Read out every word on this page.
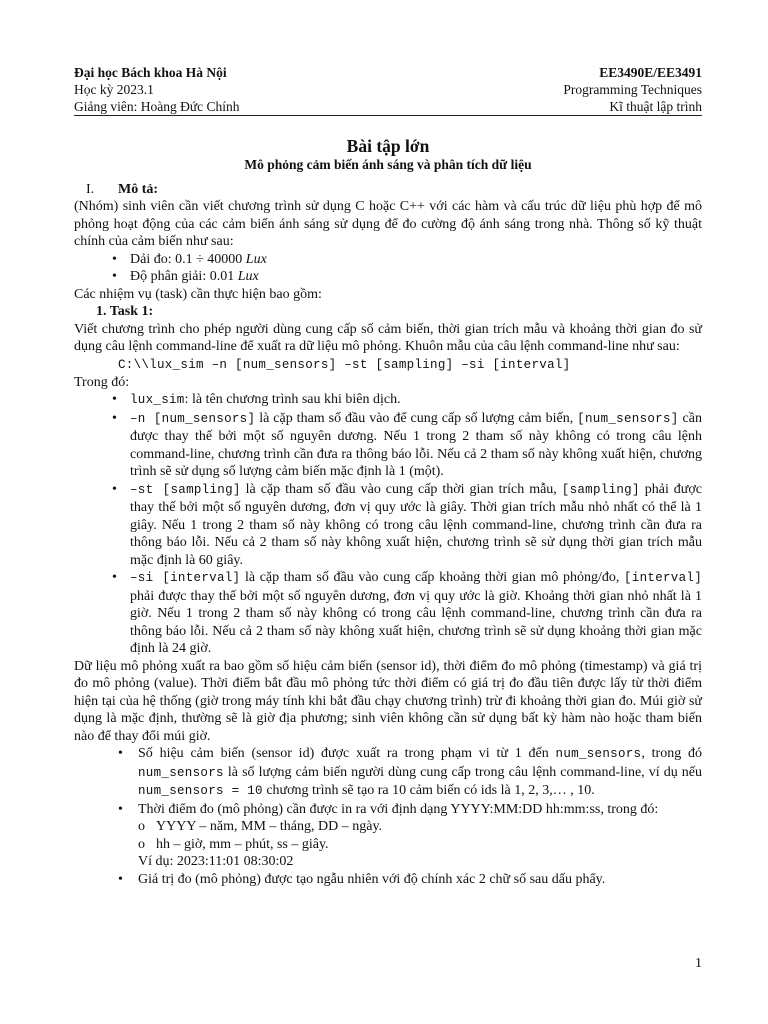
Đại học Bách khoa Hà Nội	EE3490E/EE3491
Học kỳ 2023.1	Programming Techniques
Giảng viên: Hoàng Đức Chính	Kĩ thuật lập trình
Bài tập lớn
Mô phỏng cảm biến ánh sáng và phân tích dữ liệu
I.	Mô tả:

(Nhóm) sinh viên cần viết chương trình sử dụng C hoặc C++ với các hàm và cấu trúc dữ liệu phù hợp để mô phỏng hoạt động của các cảm biến ánh sáng sử dụng để đo cường độ ánh sáng trong nhà. Thông số kỹ thuật chính của cảm biến như sau:

• Dải đo: 0.1 ÷ 40000 Lux
• Độ phân giải: 0.01 Lux

Các nhiệm vụ (task) cần thực hiện bao gồm:

1. Task 1:

Viết chương trình cho phép người dùng cung cấp số cảm biến, thời gian trích mẫu và khoảng thời gian đo sử dụng câu lệnh command-line để xuất ra dữ liệu mô phỏng. Khuôn mẫu của câu lệnh command-line như sau:

C:\\lux_sim –n [num_sensors] –st [sampling] –si [interval]

Trong đó:

• lux_sim: là tên chương trình sau khi biên dịch.
• –n [num_sensors] là cặp tham số đầu vào để cung cấp số lượng cảm biến, [num_sensors] cần được thay thế bởi một số nguyên dương. Nếu 1 trong 2 tham số này không có trong câu lệnh command-line, chương trình cần đưa ra thông báo lỗi. Nếu cả 2 tham số này không xuất hiện, chương trình sẽ sử dụng số lượng cảm biến mặc định là 1 (một).
• –st [sampling] là cặp tham số đầu vào cung cấp thời gian trích mẫu, [sampling] phải được thay thế bởi một số nguyên dương, đơn vị quy ước là giây. Thời gian trích mẫu nhỏ nhất có thể là 1 giây. Nếu 1 trong 2 tham số này không có trong câu lệnh command-line, chương trình cần đưa ra thông báo lỗi. Nếu cả 2 tham số này không xuất hiện, chương trình sẽ sử dụng thời gian trích mẫu mặc định là 60 giây.
• –si [interval] là cặp tham số đầu vào cung cấp khoảng thời gian mô phỏng/đo, [interval] phải được thay thế bởi một số nguyên dương, đơn vị quy ước là giờ. Khoảng thời gian nhỏ nhất là 1 giờ. Nếu 1 trong 2 tham số này không có trong câu lệnh command-line, chương trình cần đưa ra thông báo lỗi. Nếu cả 2 tham số này không xuất hiện, chương trình sẽ sử dụng khoảng thời gian mặc định là 24 giờ.

Dữ liệu mô phỏng xuất ra bao gồm số hiệu cảm biến (sensor id), thời điểm đo mô phỏng (timestamp) và giá trị đo mô phỏng (value). Thời điểm bắt đầu mô phỏng tức thời điểm có giá trị đo đầu tiên được lấy từ thời điểm hiện tại của hệ thống (giờ trong máy tính khi bắt đầu chạy chương trình) trừ đi khoảng thời gian đo. Múi giờ sử dụng là mặc định, thường sẽ là giờ địa phương; sinh viên không cần sử dụng bất kỳ hàm nào hoặc tham biến nào để thay đổi múi giờ.

• Số hiệu cảm biến (sensor id) được xuất ra trong phạm vi từ 1 đến num_sensors, trong đó num_sensors là số lượng cảm biến người dùng cung cấp trong câu lệnh command-line, ví dụ nếu num_sensors = 10 chương trình sẽ tạo ra 10 cảm biến có ids là 1, 2, 3,… , 10.
• Thời điểm đo (mô phỏng) cần được in ra với định dạng YYYY:MM:DD hh:mm:ss, trong đó:
o YYYY – năm, MM – tháng, DD – ngày.
o hh – giờ, mm – phút, ss – giây.
Ví dụ: 2023:11:01 08:30:02
• Giá trị đo (mô phỏng) được tạo ngẫu nhiên với độ chính xác 2 chữ số sau dấu phẩy.
1
